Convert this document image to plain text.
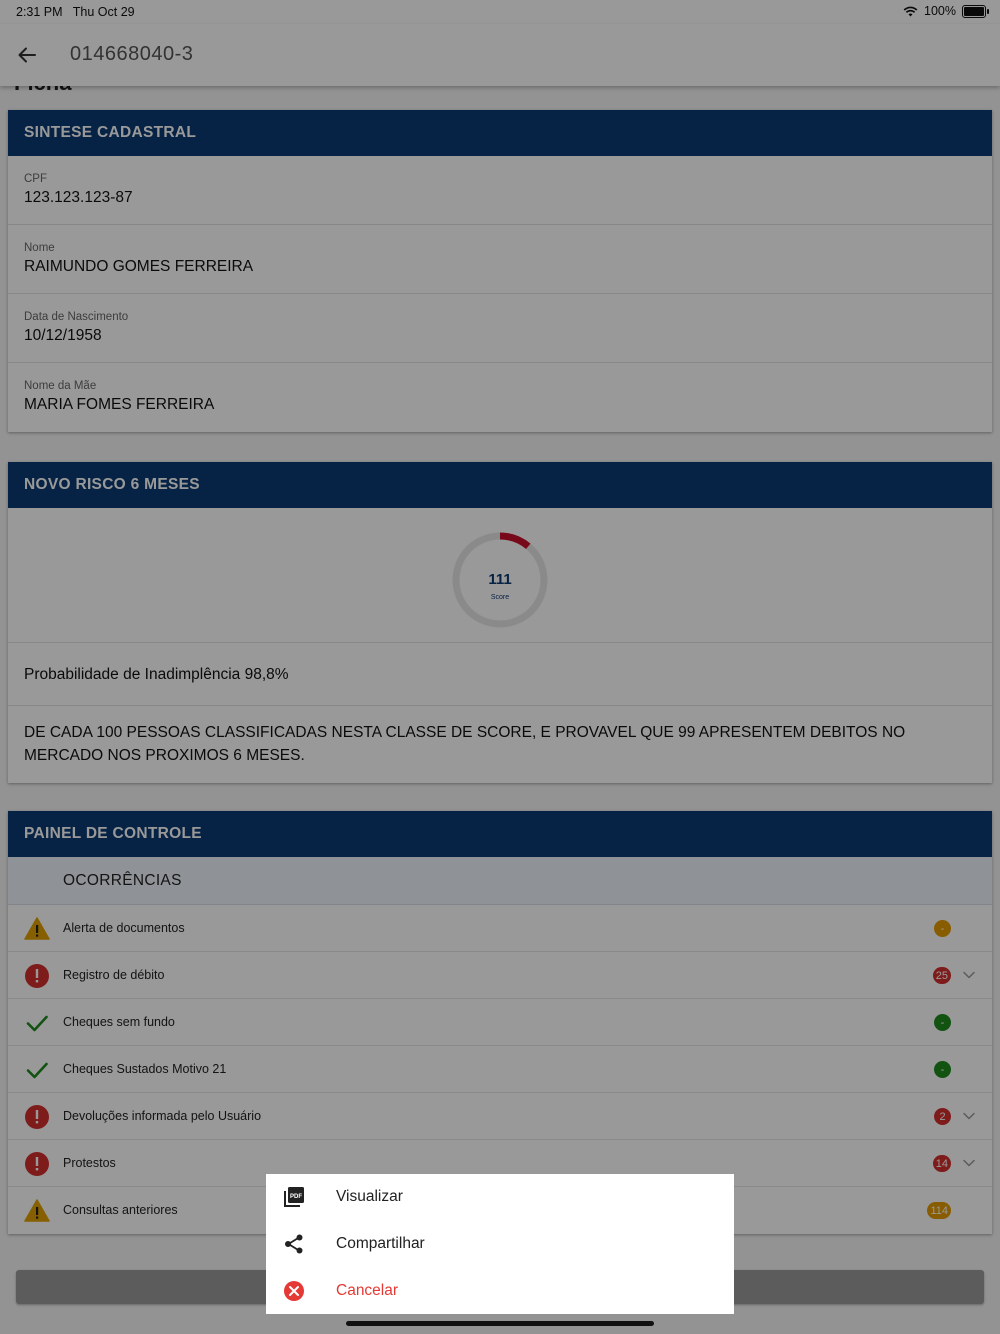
2:31 PM Thu Oct 29	100%
014668040-3
SINTESE CADASTRAL
CPF
123.123.123-87
Nome
RAIMUNDO GOMES FERREIRA
Data de Nascimento
10/12/1958
Nome da Mãe
MARIA FOMES FERREIRA
NOVO RISCO 6 MESES
111
Score
Probabilidade de Inadimplência 98,8%
DE CADA 100 PESSOAS CLASSIFICADAS NESTA CLASSE DE SCORE, E PROVAVEL QUE 99 APRESENTEM DEBITOS NO MERCADO NOS PROXIMOS 6 MESES.
PAINEL DE CONTROLE
OCORRÊNCIAS
Alerta de documentos	-
Registro de débito	25
Cheques sem fundo	-
Cheques Sustados Motivo 21	-
Devoluções informada pelo Usuário	2
Protestos	14
Consultas anteriores	114
PDF Visualizar
Compartilhar
Cancelar
